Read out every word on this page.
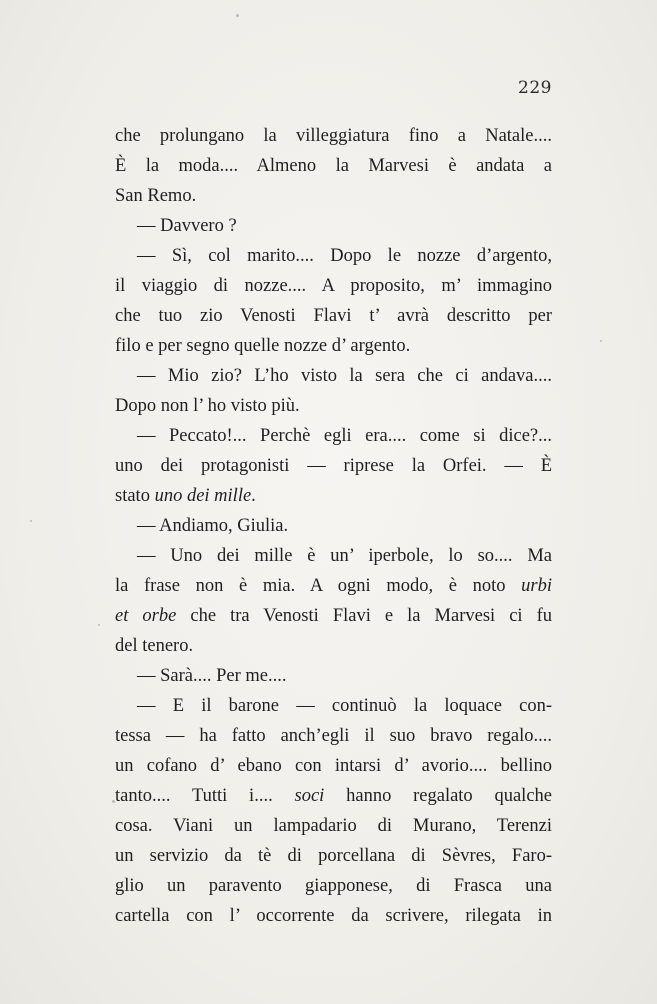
229
che prolungano la villeggiatura fino a Natale....
È la moda.... Almeno la Marvesi è andata a
San Remo.
— Davvero ?
— Sì, col marito.... Dopo le nozze d’argento,
il viaggio di nozze.... A proposito, m’ immagino
che tuo zio Venosti Flavi t’ avrà descritto per
filo e per segno quelle nozze d’ argento.
— Mio zio? L’ho visto la sera che ci andava....
Dopo non l’ ho visto più.
— Peccato!... Perchè egli era.... come si dice?...
uno dei protagonisti — riprese la Orfei. — È
stato uno dei mille.
— Andiamo, Giulia.
— Uno dei mille è un’ iperbole, lo so.... Ma
la frase non è mia. A ogni modo, è noto urbi
et orbe che tra Venosti Flavi e la Marvesi ci fu
del tenero.
— Sarà.... Per me....
— E il barone — continuò la loquace con-
tessa — ha fatto anch’egli il suo bravo regalo....
un cofano d’ ebano con intarsi d’ avorio.... bellino
tanto.... Tutti i.... soci hanno regalato qualche
cosa. Viani un lampadario di Murano, Terenzi
un servizio da tè di porcellana di Sèvres, Faro-
glio un paravento giapponese, di Frasca una
cartella con l’ occorrente da scrivere, rilegata in
